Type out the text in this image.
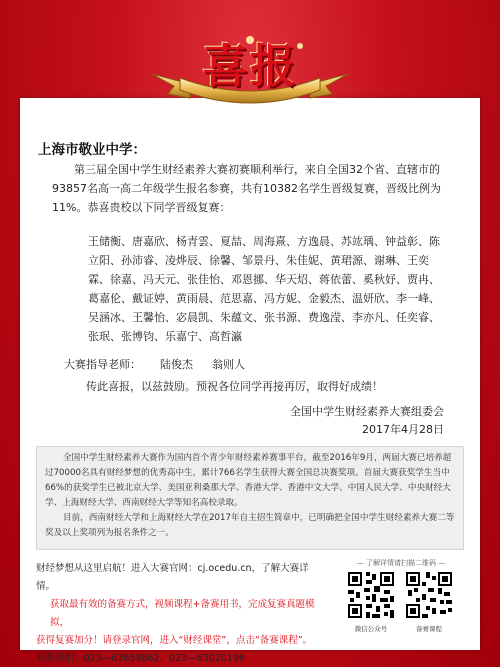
喜报
上海市敬业中学：
第三届全国中学生财经素养大赛初赛顺利举行，来自全国32个省、直辖市的93857名高一高二年级学生报名参赛，共有10382名学生晋级复赛，晋级比例为11%。恭喜贵校以下同学晋级复赛：
王储衡、唐嘉欣、杨青雲、夏喆、周海熹、方逸晨、苏竑瑀、钟益彰、陈立阳、孙沛睿、凌烨辰、徐馨、邹景丹、朱佳妮、黄珺源、谢琳、王奕霖、徐嘉、冯天元、张佳怡、邓恩挪、华天炤、蒋依蕾、奚秋妤、贾冉、葛嘉伦、戴证婷、黄雨晨、范思嘉、冯方妮、金毅杰、温妍欣、李一峰、吴涵冰、王馨怡、宓晨凯、朱蕴文、张书源、费逸滢、李亦凡、任奕睿、张珉、张博钧、乐嘉宁、高哲瀛
大赛指导老师： 陆俊杰 翁则人
传此喜报，以兹鼓励。预祝各位同学再接再厉，取得好成绩！
全国中学生财经素养大赛组委会
2017年4月28日

全国中学生财经素养大赛作为国内首个青少年财经素养赛事平台，截至2016年9月，两届大赛已培养超过70000名具有财经梦想的优秀高中生，累计766名学生获得大赛全国总决赛奖项。首届大赛获奖学生当中66%的获奖学生已被北京大学、美国亚利桑那大学、香港大学、香港中文大学、中国人民大学、中央财经大学、上海财经大学、西南财经大学等知名高校录取。

目前，西南财经大学和上海财经大学在2017年自主招生简章中，已明确把全国中学生财经素养大赛二等奖及以上奖项列为报名条件之一。

财经梦想从这里启航！进入大赛官网：cj.ocedu.cn，了解大赛详情。
获取最有效的备赛方式，视频课程+备赛用书，完成复赛真题模拟，
获得复赛加分！请登录官网，进入“财经课堂”，点击“备赛课程”。
联系我们：023—63659862、023—63020196
— 了解详情请扫描二维码 —
微信公众号	备赛课程
